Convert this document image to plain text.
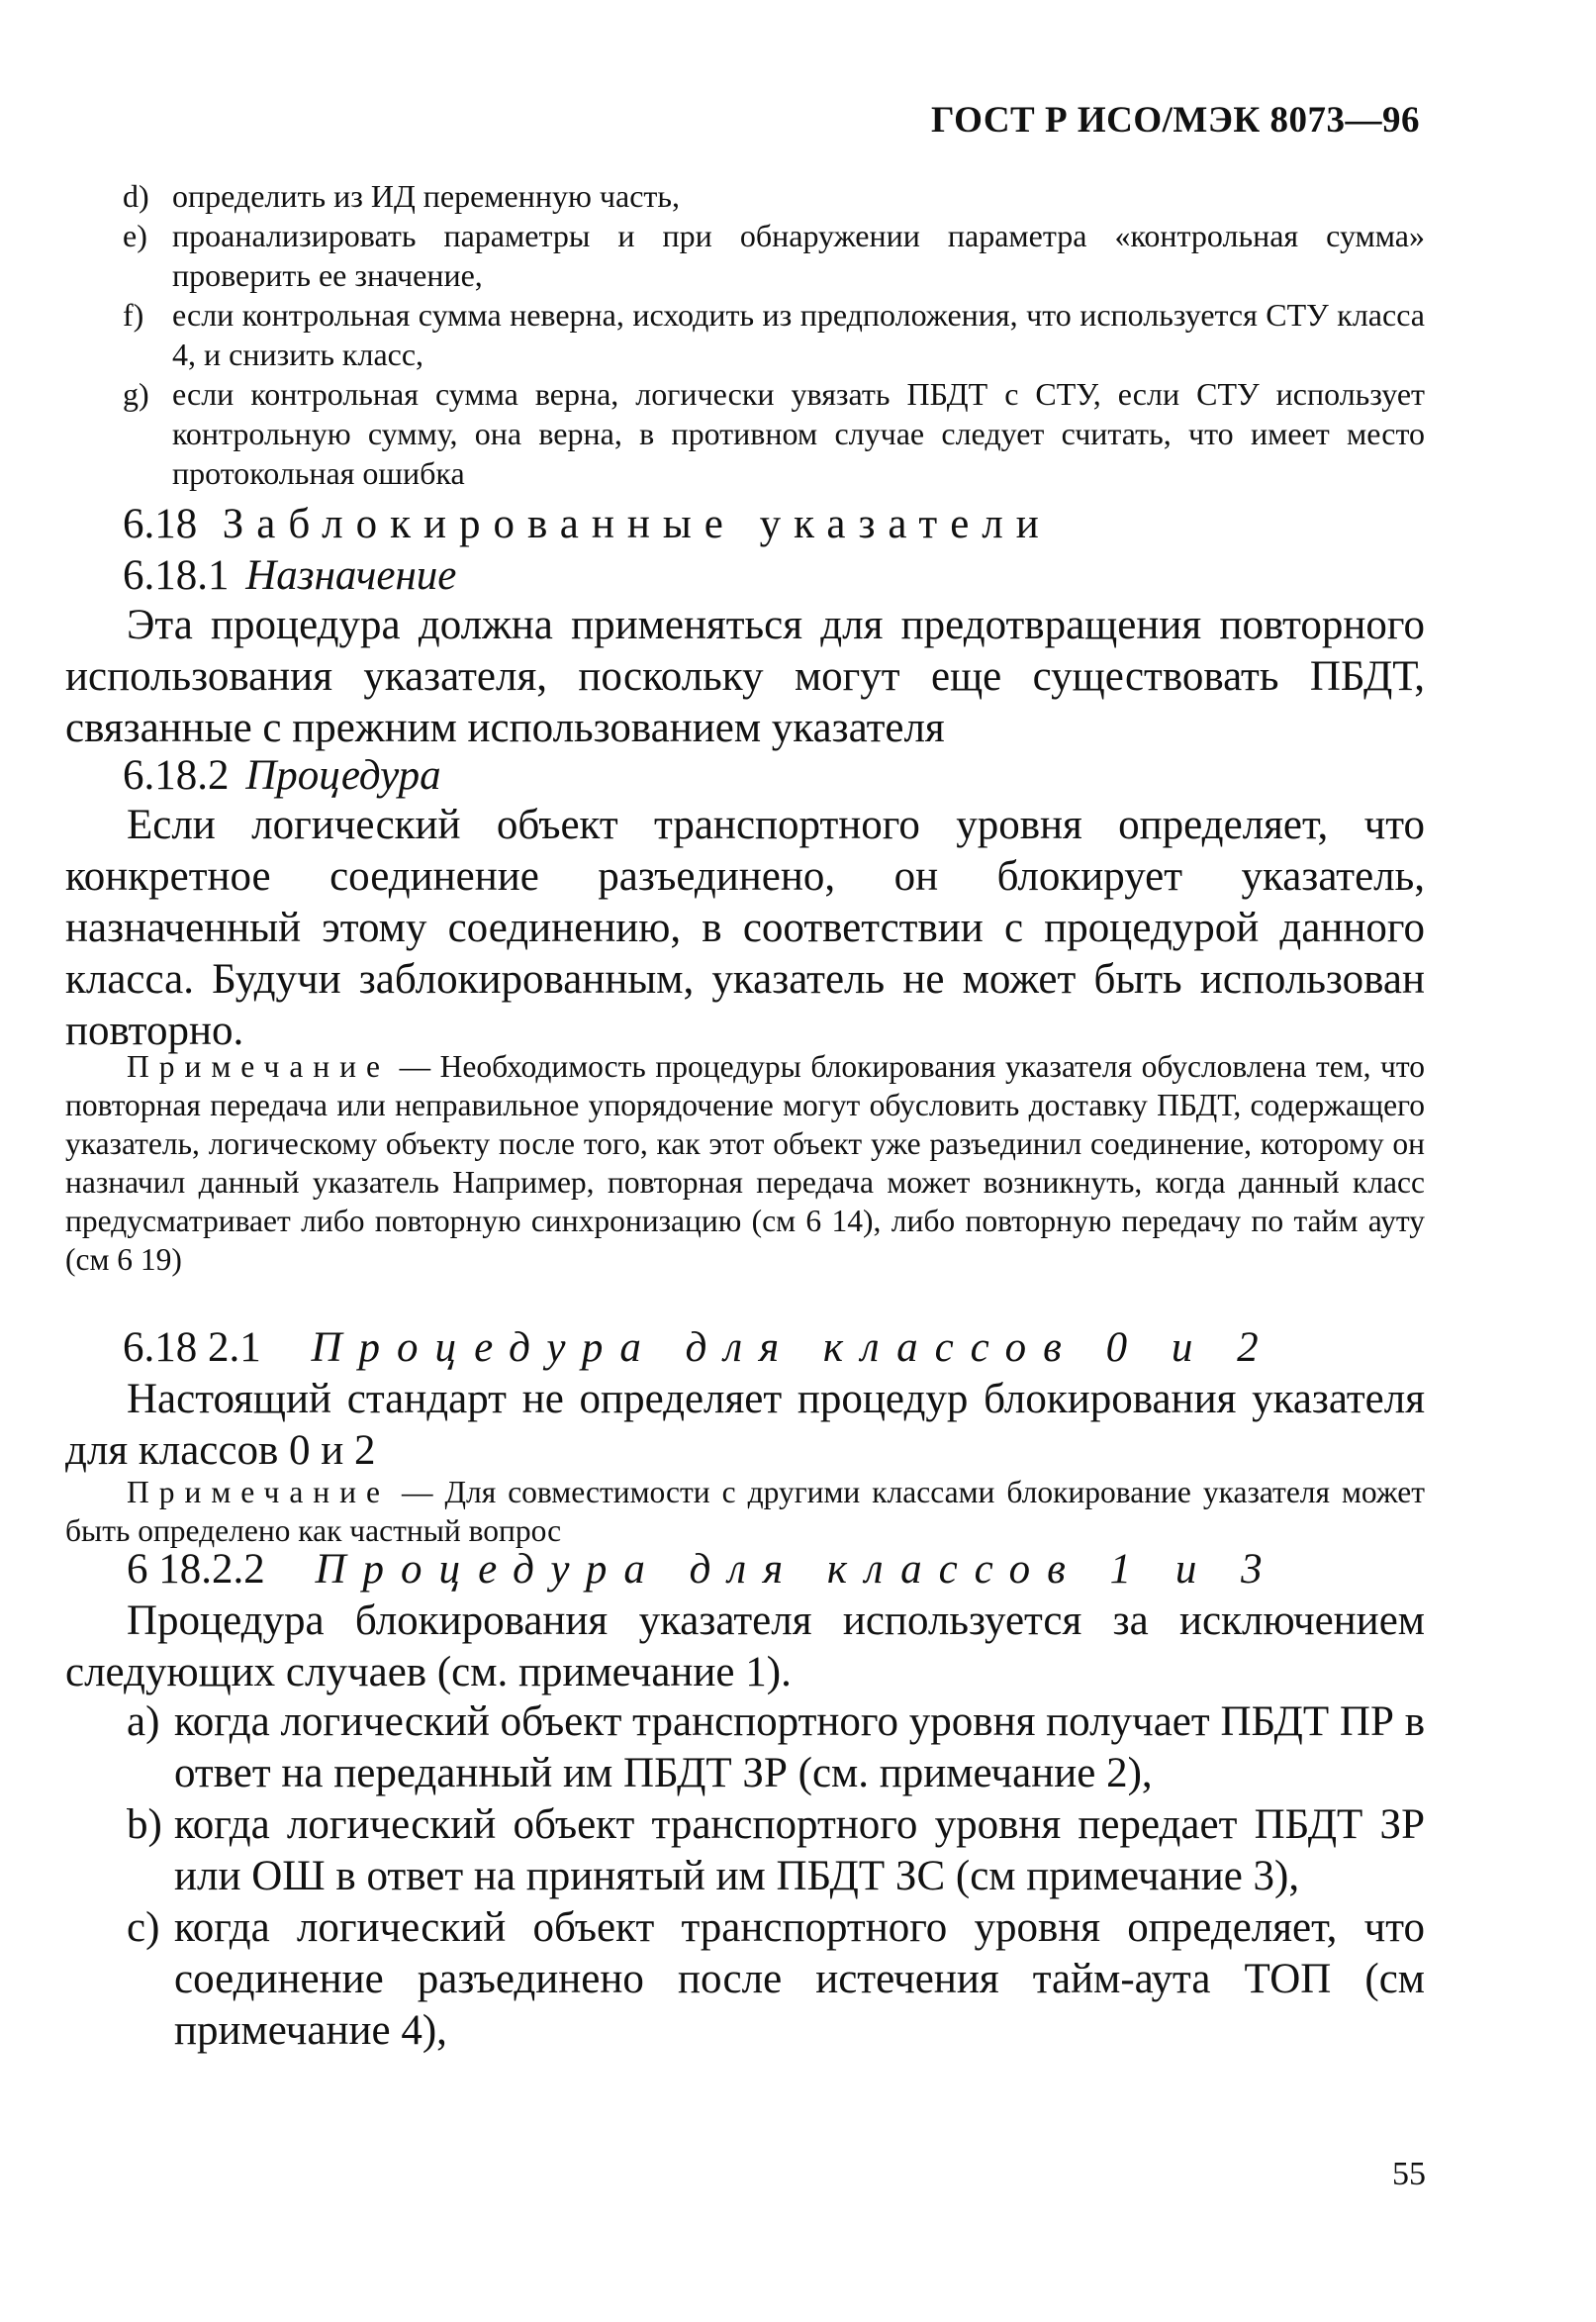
ГОСТ Р ИСО/МЭК 8073—96
d) определить из ИД переменную часть,
e) проанализировать параметры и при обнаружении параметра «контрольная сумма» проверить ее значение,
f) если контрольная сумма неверна, исходить из предположения, что используется СТУ класса 4, и снизить класс,
g) если контрольная сумма верна, логически увязать ПБДТ с СТУ, если СТУ использует контрольную сумму, она верна, в противном случае следует считать, что имеет место протокольная ошибка
6.18 Заблокированные указатели
6.18.1 Назначение
Эта процедура должна применяться для предотвращения повторного использования указателя, поскольку могут еще существовать ПБДТ, связанные с прежним использованием указателя
6.18.2 Процедура
Если логический объект транспортного уровня определяет, что конкретное соединение разъединено, он блокирует указатель, назначенный этому соединению, в соответствии с процедурой данного класса. Будучи заблокированным, указатель не может быть использован повторно.
Примечание — Необходимость процедуры блокирования указателя обусловлена тем, что повторная передача или неправильное упорядочение могут обусловить доставку ПБДТ, содержащего указатель, логическому объекту после того, как этот объект уже разъединил соединение, которому он назначил данный указатель Например, повторная передача может возникнуть, когда данный класс предусматривает либо повторную синхронизацию (см 6 14), либо повторную передачу по тайм ауту (см 6 19)
6.18 2.1 Процедура для классов 0 и 2
Настоящий стандарт не определяет процедур блокирования указателя для классов 0 и 2
Примечание — Для совместимости с другими классами блокирование указателя может быть определено как частный вопрос
6 18.2.2 Процедура для классов 1 и 3
Процедура блокирования указателя используется за исключением следующих случаев (см. примечание 1).
a) когда логический объект транспортного уровня получает ПБДТ ПР в ответ на переданный им ПБДТ ЗР (см. примечание 2),
b) когда логический объект транспортного уровня передает ПБДТ ЗР или ОШ в ответ на принятый им ПБДТ ЗС (см примечание 3),
c) когда логический объект транспортного уровня определяет, что соединение разъединено после истечения тайм-аута ТОП (см примечание 4),
55
